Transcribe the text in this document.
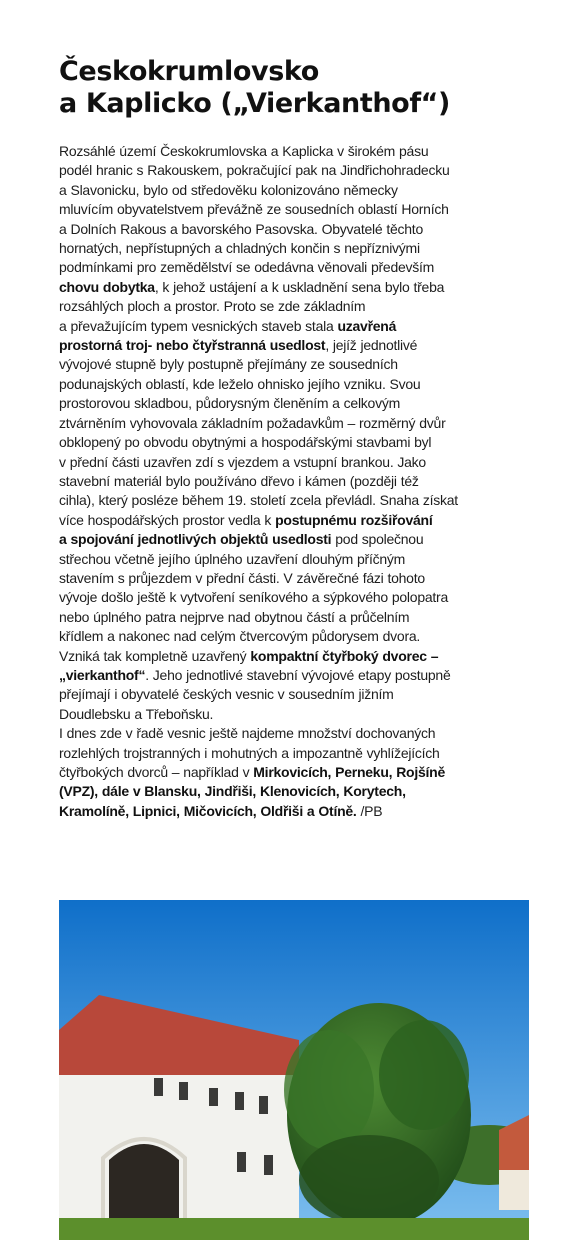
Českokrumlovsko
a Kaplicko („Vierkanthof“)
Rozsáhlé území Českokrumlovska a Kaplicka v širokém pásu
podél hranic s Rakouskem, pokračující pak na Jindřichohradecku
a Slavonicku, bylo od středověku kolonizováno německy
mluvícím obyvatelstvem převážně ze sousedních oblastí Horních
a Dolních Rakous a bavorského Pasovska. Obyvatelé těchto
hornatých, nepřístupných a chladných končin s nepříznivými
podmínkami pro zemědělství se odedávna věnovali především
chovu dobytka, k jehož ustájení a k uskladnění sena bylo třeba
rozsáhlých ploch a prostor. Proto se zde základním
a převažujícím typem vesnických staveb stala uzavřená
prostorná troj- nebo čtyřstranná usedlost, jejíž jednotlivé
vývojové stupně byly postupně přejímány ze sousedních
podunajských oblastí, kde leželo ohnisko jejího vzniku. Svou
prostorovou skladbou, půdorysným členěním a celkovým
ztvárněním vyhovovala základním požadavkům – rozměrný dvůr
obklopený po obvodu obytnými a hospodářskými stavbami byl
v přední části uzavřen zdí s vjezdem a vstupní brankou. Jako
stavební materiál bylo používáno dřevo i kámen (později též
cihla), který posléze během 19. století zcela převládl. Snaha získat
více hospodářských prostor vedla k postupnému rozšiřování
a spojování jednotlivých objektů usedlosti pod společnou
střechou včetně jejího úplného uzavření dlouhým příčným
stavením s průjezdem v přední části. V závěrečné fázi tohoto
vývoje došlo ještě k vytvoření seníkového a sýpkového polopatra
nebo úplného patra nejprve nad obytnou částí a průčelním
křídlem a nakonec nad celým čtvercovým půdorysem dvora.
Vzniká tak kompletně uzavřený kompaktní čtyřboký dvorec –
„vierkanthof“. Jeho jednotlivé stavební vývojové etapy postupně
přejímají i obyvatelé českých vesnic v sousedním jižním
Doudlebsku a Třeboňsku.
I dnes zde v řadě vesnic ještě najdeme množství dochovaných
rozlehlých trojstranných i mohutných a impozantně vyhlížejících
čtyřbokých dvorců – například v Mirkovicích, Perneku, Rojšíně
(VPZ), dále v Blansku, Jindřiši, Klenovicích, Korytech,
Kramolíně, Lipnici, Mičovicích, Oldřiši a Otíně. /PB
